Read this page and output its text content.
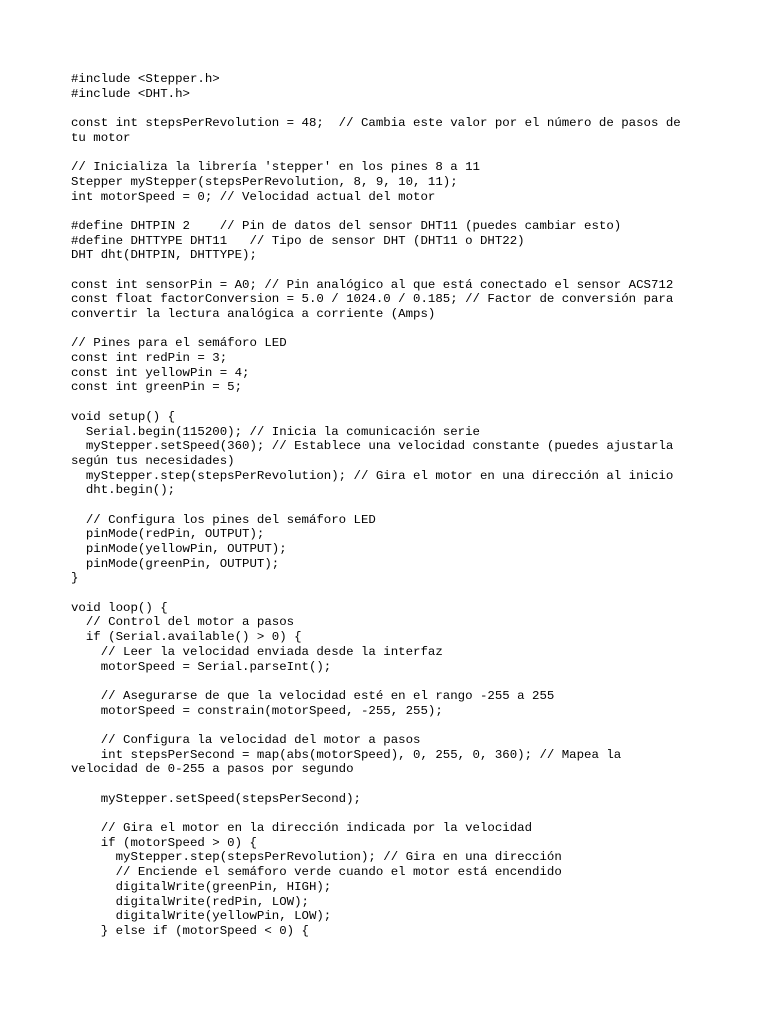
#include <Stepper.h>
#include <DHT.h>
const int stepsPerRevolution = 48;  // Cambia este valor por el número de pasos de
tu motor
// Inicializa la librería 'stepper' en los pines 8 a 11
Stepper myStepper(stepsPerRevolution, 8, 9, 10, 11);
int motorSpeed = 0; // Velocidad actual del motor
#define DHTPIN 2    // Pin de datos del sensor DHT11 (puedes cambiar esto)
#define DHTTYPE DHT11   // Tipo de sensor DHT (DHT11 o DHT22)
DHT dht(DHTPIN, DHTTYPE);
const int sensorPin = A0; // Pin analógico al que está conectado el sensor ACS712
const float factorConversion = 5.0 / 1024.0 / 0.185; // Factor de conversión para
convertir la lectura analógica a corriente (Amps)
// Pines para el semáforo LED
const int redPin = 3;
const int yellowPin = 4;
const int greenPin = 5;
void setup() {
Serial.begin(115200); // Inicia la comunicación serie
myStepper.setSpeed(360); // Establece una velocidad constante (puedes ajustarla
según tus necesidades)
myStepper.step(stepsPerRevolution); // Gira el motor en una dirección al inicio
dht.begin();
// Configura los pines del semáforo LED
pinMode(redPin, OUTPUT);
pinMode(yellowPin, OUTPUT);
pinMode(greenPin, OUTPUT);
}
void loop() {
// Control del motor a pasos
if (Serial.available() > 0) {
// Leer la velocidad enviada desde la interfaz
motorSpeed = Serial.parseInt();
// Asegurarse de que la velocidad esté en el rango -255 a 255
motorSpeed = constrain(motorSpeed, -255, 255);
// Configura la velocidad del motor a pasos
int stepsPerSecond = map(abs(motorSpeed), 0, 255, 0, 360); // Mapea la
velocidad de 0-255 a pasos por segundo
myStepper.setSpeed(stepsPerSecond);
// Gira el motor en la dirección indicada por la velocidad
if (motorSpeed > 0) {
myStepper.step(stepsPerRevolution); // Gira en una dirección
// Enciende el semáforo verde cuando el motor está encendido
digitalWrite(greenPin, HIGH);
digitalWrite(redPin, LOW);
digitalWrite(yellowPin, LOW);
} else if (motorSpeed < 0) {
